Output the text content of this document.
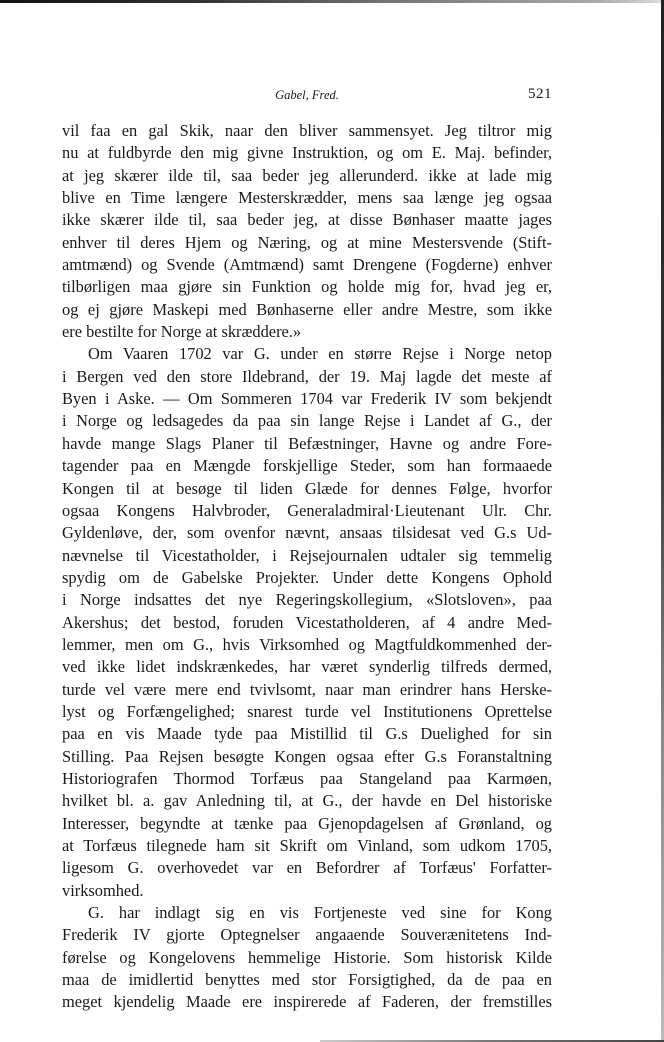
Gabel, Fred.	521
vil faa en gal Skik, naar den bliver sammensyet. Jeg tiltror mig
nu at fuldbyrde den mig givne Instruktion, og om E. Maj. befinder,
at jeg skærer ilde til, saa beder jeg allerunderd. ikke at lade mig
blive en Time længere Mesterskrædder, mens saa længe jeg ogsaa
ikke skærer ilde til, saa beder jeg, at disse Bønhaser maatte jages
enhver til deres Hjem og Næring, og at mine Mestersvende (Stift-
amtmænd) og Svende (Amtmænd) samt Drengene (Fogderne) enhver
tilbørligen maa gjøre sin Funktion og holde mig for, hvad jeg er,
og ej gjøre Maskepi med Bønhaserne eller andre Mestre, som ikke
ere bestilte for Norge at skræddere.»
Om Vaaren 1702 var G. under en større Rejse i Norge netop
i Bergen ved den store Ildebrand, der 19. Maj lagde det meste af
Byen i Aske. — Om Sommeren 1704 var Frederik IV som bekjendt
i Norge og ledsagedes da paa sin lange Rejse i Landet af G., der
havde mange Slags Planer til Befæstninger, Havne og andre Fore-
tagender paa en Mængde forskjellige Steder, som han formaaede
Kongen til at besøge til liden Glæde for dennes Følge, hvorfor
ogsaa Kongens Halvbroder, Generaladmiral·Lieutenant Ulr. Chr.
Gyldenløve, der, som ovenfor nævnt, ansaas tilsidesat ved G.s Ud-
nævnelse til Vicestatholder, i Rejsejournalen udtaler sig temmelig
spydig om de Gabelske Projekter. Under dette Kongens Ophold
i Norge indsattes det nye Regeringskollegium, «Slotsloven», paa
Akershus; det bestod, foruden Vicestatholderen, af 4 andre Med-
lemmer, men om G., hvis Virksomhed og Magtfuldkommenhed der-
ved ikke lidet indskrænkedes, har været synderlig tilfreds dermed,
turde vel være mere end tvivlsomt, naar man erindrer hans Herske-
lyst og Forfængelighed; snarest turde vel Institutionens Oprettelse
paa en vis Maade tyde paa Mistillid til G.s Duelighed for sin
Stilling. Paa Rejsen besøgte Kongen ogsaa efter G.s Foranstaltning
Historiografen Thormod Torfæus paa Stangeland paa Karmøen,
hvilket bl. a. gav Anledning til, at G., der havde en Del historiske
Interesser, begyndte at tænke paa Gjenopdagelsen af Grønland, og
at Torfæus tilegnede ham sit Skrift om Vinland, som udkom 1705,
ligesom G. overhovedet var en Befordrer af Torfæus' Forfatter-
virksomhed.
G. har indlagt sig en vis Fortjeneste ved sine for Kong
Frederik IV gjorte Optegnelser angaaende Souverænitetens Ind-
førelse og Kongelovens hemmelige Historie. Som historisk Kilde
maa de imidlertid benyttes med stor Forsigtighed, da de paa en
meget kjendelig Maade ere inspirerede af Faderen, der fremstilles
